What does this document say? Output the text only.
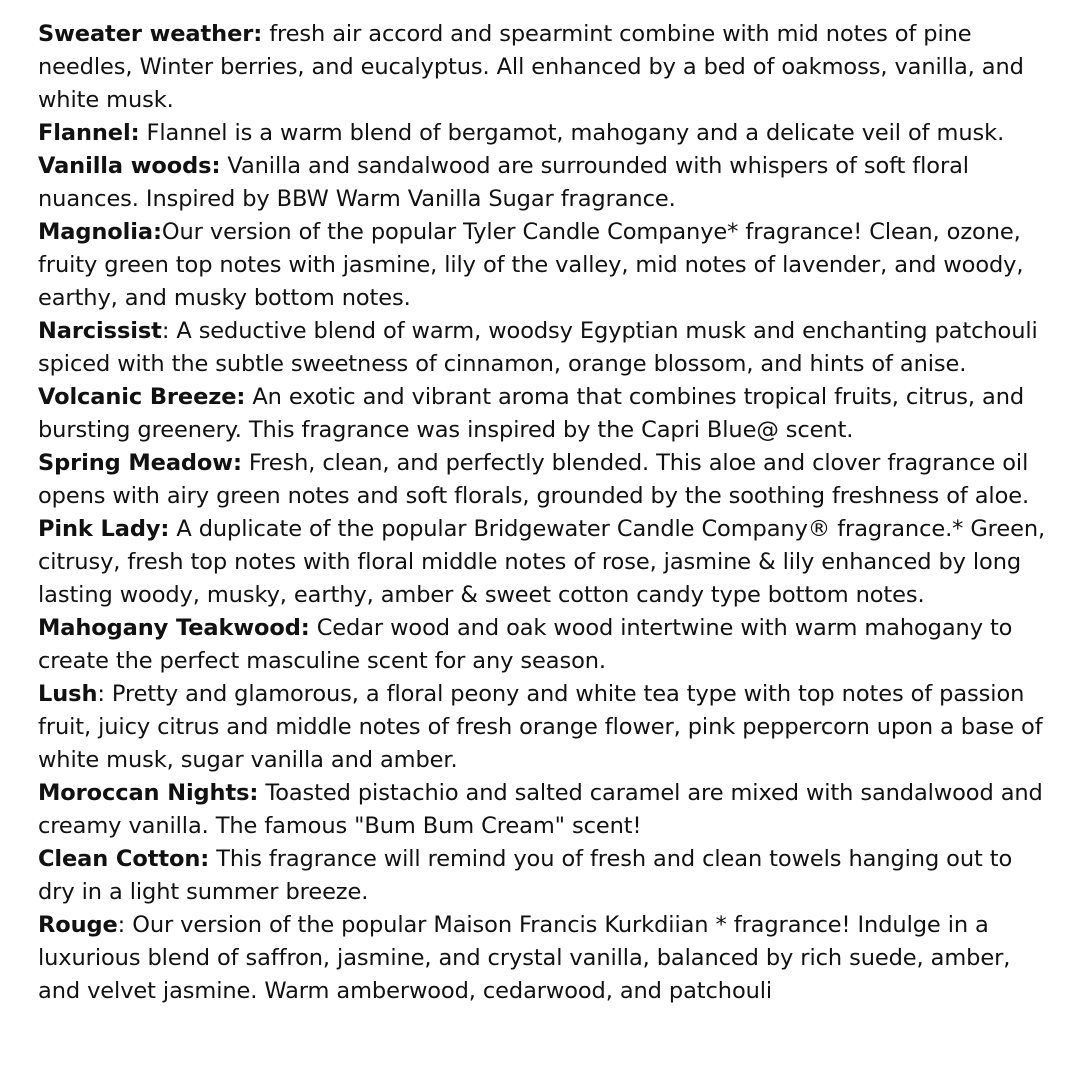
Sweater weather: fresh air accord and spearmint combine with mid notes of pine needles, Winter berries, and eucalyptus. All enhanced by a bed of oakmoss, vanilla, and white musk.

Flannel: Flannel is a warm blend of bergamot, mahogany and a delicate veil of musk.

Vanilla woods: Vanilla and sandalwood are surrounded with whispers of soft floral nuances. Inspired by BBW Warm Vanilla Sugar fragrance.

Magnolia:Our version of the popular Tyler Candle Companye* fragrance! Clean, ozone, fruity green top notes with jasmine, lily of the valley, mid notes of lavender, and woody, earthy, and musky bottom notes.

Narcissist: A seductive blend of warm, woodsy Egyptian musk and enchanting patchouli spiced with the subtle sweetness of cinnamon, orange blossom, and hints of anise.

Volcanic Breeze: An exotic and vibrant aroma that combines tropical fruits, citrus, and bursting greenery. This fragrance was inspired by the Capri Blue@ scent.

Spring Meadow: Fresh, clean, and perfectly blended. This aloe and clover fragrance oil opens with airy green notes and soft florals, grounded by the soothing freshness of aloe.

Pink Lady: A duplicate of the popular Bridgewater Candle Company® fragrance.* Green, citrusy, fresh top notes with floral middle notes of rose, jasmine & lily enhanced by long lasting woody, musky, earthy, amber & sweet cotton candy type bottom notes.

Mahogany Teakwood: Cedar wood and oak wood intertwine with warm mahogany to create the perfect masculine scent for any season.

Lush: Pretty and glamorous, a floral peony and white tea type with top notes of passion fruit, juicy citrus and middle notes of fresh orange flower, pink peppercorn upon a base of white musk, sugar vanilla and amber.

Moroccan Nights: Toasted pistachio and salted caramel are mixed with sandalwood and creamy vanilla. The famous "Bum Bum Cream" scent!

Clean Cotton: This fragrance will remind you of fresh and clean towels hanging out to dry in a light summer breeze.

Rouge: Our version of the popular Maison Francis Kurkdiian * fragrance! Indulge in a luxurious blend of saffron, jasmine, and crystal vanilla, balanced by rich suede, amber, and velvet jasmine. Warm amberwood, cedarwood, and patchouli
